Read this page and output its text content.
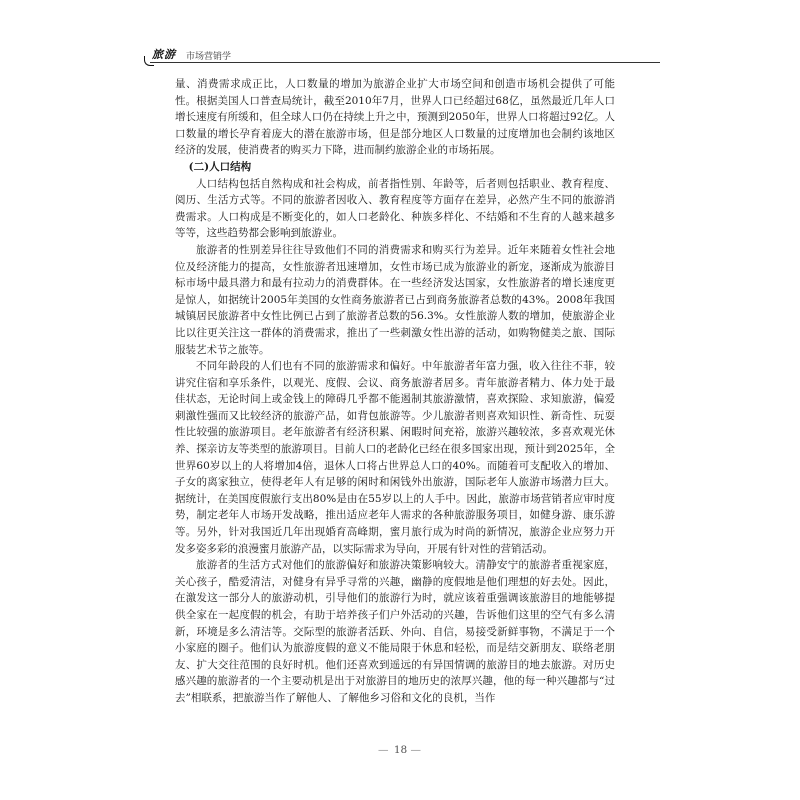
旅游 市场营销学

量、消费需求成正比，人口数量的增加为旅游企业扩大市场空间和创造市场机会提供了可能性。根据美国人口普查局统计，截至2010年7月，世界人口已经超过68亿，虽然最近几年人口增长速度有所缓和，但全球人口仍在持续上升之中，预测到2050年，世界人口将超过92亿。人口数量的增长孕育着庞大的潜在旅游市场，但是部分地区人口数量的过度增加也会制约该地区经济的发展，使消费者的购买力下降，进而制约旅游企业的市场拓展。

(二)人口结构

人口结构包括自然构成和社会构成，前者指性别、年龄等，后者则包括职业、教育程度、阅历、生活方式等。不同的旅游者因收入、教育程度等方面存在差异，必然产生不同的旅游消费需求。人口构成是不断变化的，如人口老龄化、种族多样化、不结婚和不生育的人越来越多等等，这些趋势都会影响到旅游业。

旅游者的性别差异往往导致他们不同的消费需求和购买行为差异。近年来随着女性社会地位及经济能力的提高，女性旅游者迅速增加，女性市场已成为旅游业的新宠，逐渐成为旅游目标市场中最具潜力和最有拉动力的消费群体。在一些经济发达国家，女性旅游者的增长速度更是惊人，如据统计2005年美国的女性商务旅游者已占到商务旅游者总数的43%。2008年我国城镇居民旅游者中女性比例已占到了旅游者总数的56.3%。女性旅游人数的增加，使旅游企业比以往更关注这一群体的消费需求，推出了一些刺激女性出游的活动，如购物健美之旅、国际服装艺术节之旅等。

不同年龄段的人们也有不同的旅游需求和偏好。中年旅游者年富力强，收入往往不菲，较讲究住宿和享乐条件，以观光、度假、会议、商务旅游者居多。青年旅游者精力、体力处于最佳状态，无论时间上或金钱上的障碍几乎都不能遏制其旅游激情，喜欢探险、求知旅游，偏爱刺激性强而又比较经济的旅游产品，如背包旅游等。少儿旅游者则喜欢知识性、新奇性、玩耍性比较强的旅游项目。老年旅游者有经济积累、闲暇时间充裕，旅游兴趣较浓，多喜欢观光休养、探亲访友等类型的旅游项目。目前人口的老龄化已经在很多国家出现，预计到2025年，全世界60岁以上的人将增加4倍，退休人口将占世界总人口的40%。而随着可支配收入的增加、子女的离家独立，使得老年人有足够的闲时和闲钱外出旅游，国际老年人旅游市场潜力巨大。据统计，在美国度假旅行支出80%是由在55岁以上的人手中。因此，旅游市场营销者应审时度势，制定老年人市场开发战略，推出适应老年人需求的各种旅游服务项目，如健身游、康乐游等。另外，针对我国近几年出现婚育高峰期，蜜月旅行成为时尚的新情况，旅游企业应努力开发多姿多彩的浪漫蜜月旅游产品，以实际需求为导向，开展有针对性的营销活动。

旅游者的生活方式对他们的旅游偏好和旅游决策影响较大。清静安宁的旅游者重视家庭，关心孩子，酷爱清洁，对健身有异乎寻常的兴趣，幽静的度假地是他们理想的好去处。因此，在激发这一部分人的旅游动机，引导他们的旅游行为时，就应该着重强调该旅游目的地能够提供全家在一起度假的机会，有助于培养孩子们户外活动的兴趣，告诉他们这里的空气有多么清新，环境是多么清洁等。交际型的旅游者活跃、外向、自信，易接受新鲜事物，不满足于一个小家庭的圈子。他们认为旅游度假的意义不能局限于休息和轻松，而是结交新朋友、联络老朋友、扩大交往范围的良好时机。他们还喜欢到遥远的有异国情调的旅游目的地去旅游。对历史感兴趣的旅游者的一个主要动机是出于对旅游目的地历史的浓厚兴趣，他的每一种兴趣都与“过去”相联系，把旅游当作了解他人、了解他乡习俗和文化的良机，当作

— 18 —
